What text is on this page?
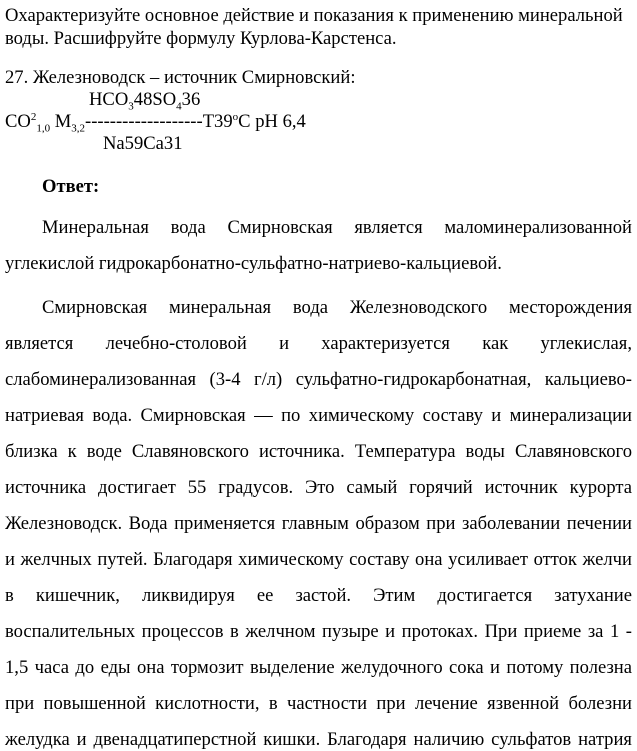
Охарактеризуйте основное действие и показания к применению минеральной
воды. Расшифруйте формулу Курлова-Карстенса.
27. Железноводск – источник Смирновский:
$HCO_348SO_436$
$CO^2_{1,0}$ $M_{3,2}-------------------T39^oC$ pH 6,4
Na59Ca31
Ответ:
Минеральная вода Смирновская является маломинерализованной
углекислой гидрокарбонатно-сульфатно-натриево-кальциевой.
Смирновская минеральная вода Железноводского месторождения
является лечебно-столовой и характеризуется как углекислая,
слабоминерализованная (3-4 г/л) сульфатно-гидрокарбонатная, кальциево-
натриевая вода. Смирновская — по химическому составу и минерализации
близка к воде Славяновского источника. Температура воды Славяновского
источника достигает 55 градусов. Это самый горячий источник курорта
Железноводск. Вода применяется главным образом при заболевании печении
и желчных путей. Благодаря химическому составу она усиливает отток желчи
в кишечник, ликвидируя ее застой. Этим достигается затухание
воспалительных процессов в желчном пузыре и протоках. При приеме за 1 -
1,5 часа до еды она тормозит выделение желудочного сока и потому полезна
при повышенной кислотности, в частности при лечение язвенной болезни
желудка и двенадцатиперстной кишки. Благодаря наличию сульфатов натрия
